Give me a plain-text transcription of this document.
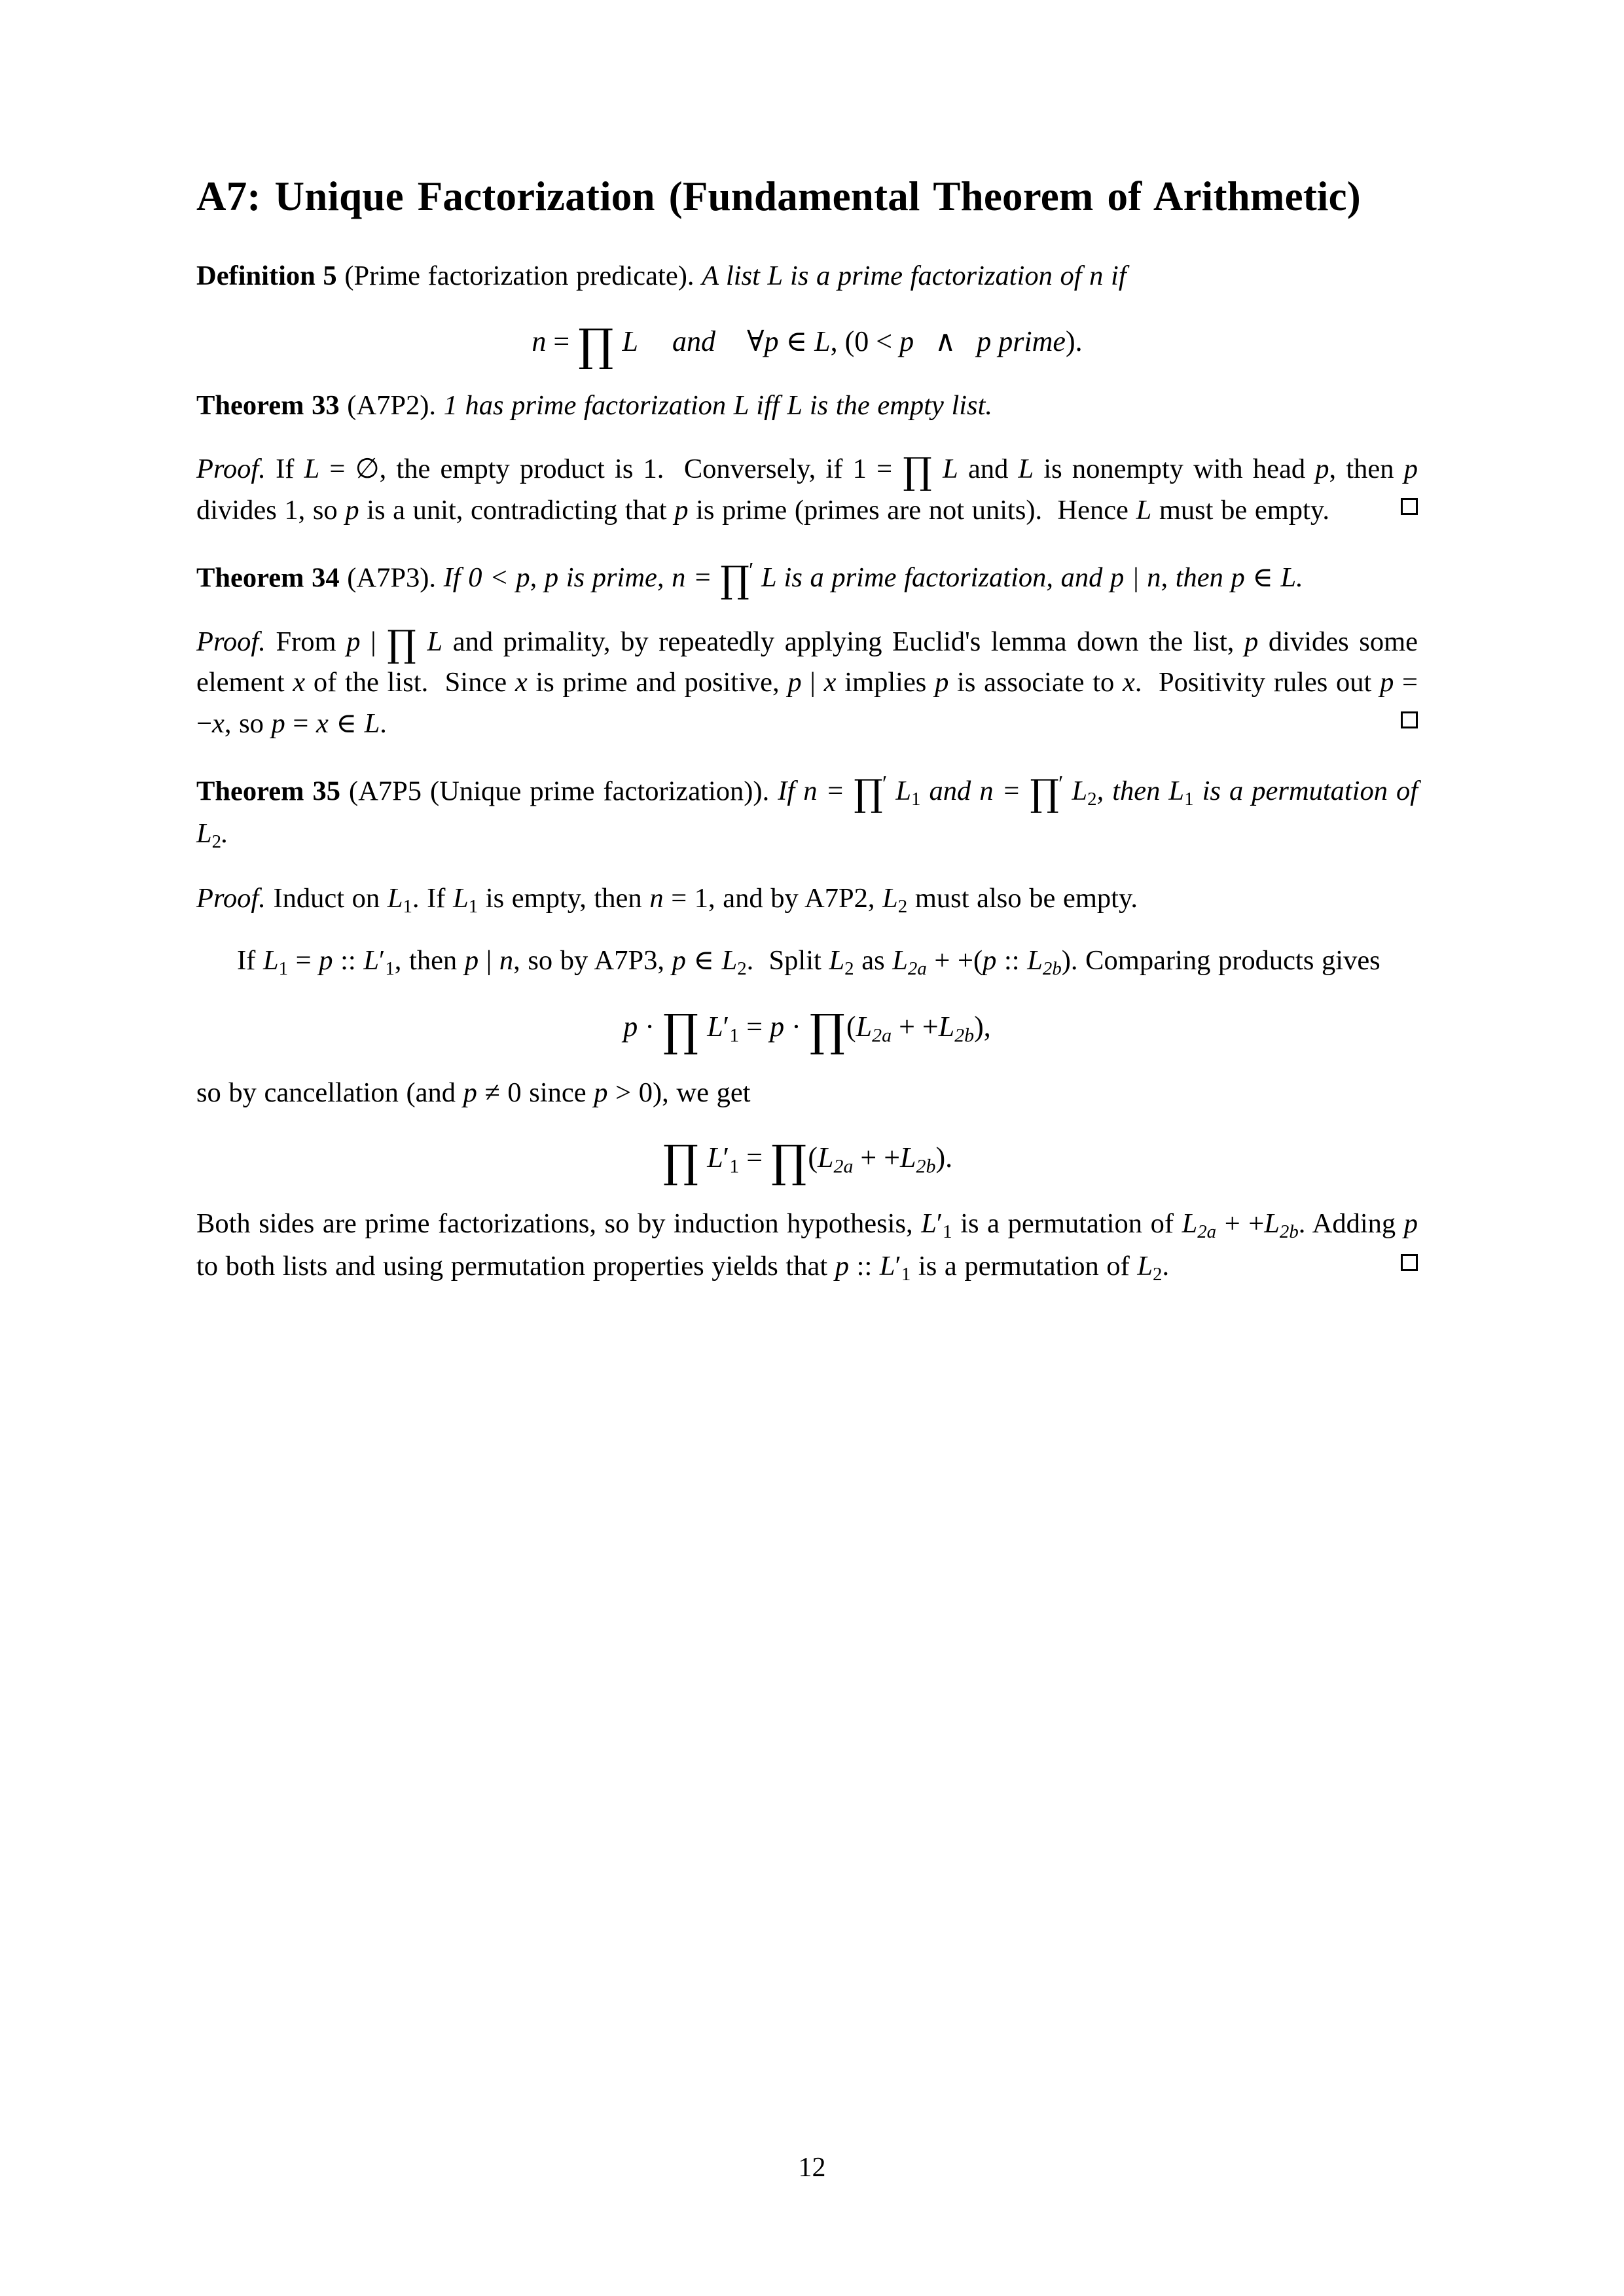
A7: Unique Factorization (Fundamental Theorem of Arithmetic)
Definition 5 (Prime factorization predicate). A list L is a prime factorization of n if
n = ∏ L and ∀p ∈ L, (0 < p ∧ p prime).
Theorem 33 (A7P2). 1 has prime factorization L iff L is the empty list.
Proof. If L = ∅, the empty product is 1.  Conversely, if 1 = ∏ L and L is nonempty with head p, then p divides 1, so p is a unit, contradicting that p is prime (primes are not units).  Hence L must be empty.
Theorem 34 (A7P3). If 0 < p, p is prime, n = ∏′ L is a prime factorization, and p | n, then p ∈ L.
Proof. From p | ∏ L and primality, by repeatedly applying Euclid's lemma down the list, p divides some element x of the list.  Since x is prime and positive, p | x implies p is associate to x.  Positivity rules out p = −x, so p = x ∈ L.
Theorem 35 (A7P5 (Unique prime factorization)). If n = ∏′ $L_1$ and n = ∏′ $L_2$, then $L_1$ is a permutation of $L_2$.
Proof. Induct on $L_1$. If $L_1$ is empty, then n = 1, and by A7P2, $L_2$ must also be empty.
If $L_1 = p$ :: $L'_1$, then p | n, so by A7P3, p ∈ $L_2$.  Split $L_2$ as $L_{2a} + +(p$ :: $L_{2b}$). Comparing products gives
p · ∏ $L'_1 = p$ · $\prod(L_{2a} + +L_{2b})$,
so by cancellation (and p ≠ 0 since p > 0), we get
∏ $L'_1$ = $\prod(L_{2a} + +L_{2b})$.
Both sides are prime factorizations, so by induction hypothesis, $L'_1$ is a permutation of $L_{2a} + +L_{2b}$. Adding p to both lists and using permutation properties yields that p :: $L'_1$ is a permutation of $L_2$.
12
